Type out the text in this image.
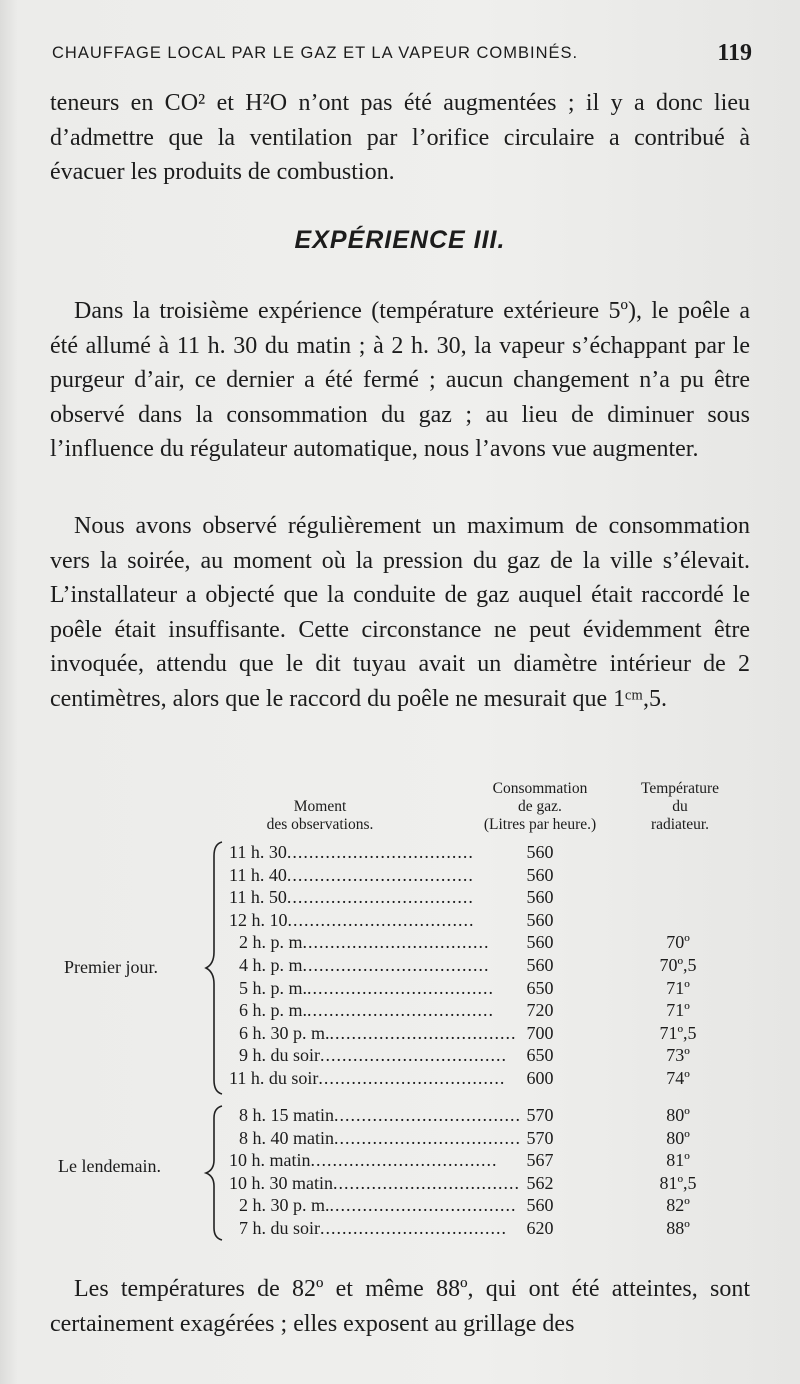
CHAUFFAGE LOCAL PAR LE GAZ ET LA VAPEUR COMBINÉS.	119

teneurs en CO² et H²O n’ont pas été augmentées ; il y a donc lieu d’admettre que la ventilation par l’orifice circulaire a contribué à évacuer les produits de combustion.

EXPÉRIENCE III.

Dans la troisième expérience (température extérieure 5º), le poêle a été allumé à 11 h. 30 du matin ; à 2 h. 30, la vapeur s’échappant par le purgeur d’air, ce dernier a été fermé ; aucun changement n’a pu être observé dans la consommation du gaz ; au lieu de diminuer sous l’influence du régulateur automatique, nous l’avons vue augmenter.

Nous avons observé régulièrement un maximum de consommation vers la soirée, au moment où la pression du gaz de la ville s’élevait. L’installateur a objecté que la conduite de gaz auquel était raccordé le poêle était insuffisante. Cette circonstance ne peut évidemment être invoquée, attendu que le dit tuyau avait un diamètre intérieur de 2 centimètres, alors que le raccord du poêle ne mesurait que 1ᶜᵐ,5.

Moment
des observations.
Consommation
de gaz.
(Litres par heure.)
Température
du
radiateur.
Premier jour.
Le lendemain.
11 h. 30..................................	560
11 h. 40..................................	560
11 h. 50..................................	560
12 h. 10..................................	560
2 h. p. m..................................	560	70º
4 h. p. m..................................	560	70º,5
5 h. p. m...................................	650	71º
6 h. p. m...................................	720	71º
6 h. 30 p. m................................... 700	71º,5
9 h. du soir..................................	650	73º
11 h. du soir..................................	600	74º
8 h. 15 matin.................................. 570	80º
8 h. 40 matin.................................. 570	80º
10 h. matin..................................	567	81º
10 h. 30 matin.................................. 562	81º,5
2 h. 30 p. m................................... 560	82º
7 h. du soir..................................	620	88º

Les températures de 82º et même 88º, qui ont été atteintes, sont certainement exagérées ; elles exposent au grillage des
